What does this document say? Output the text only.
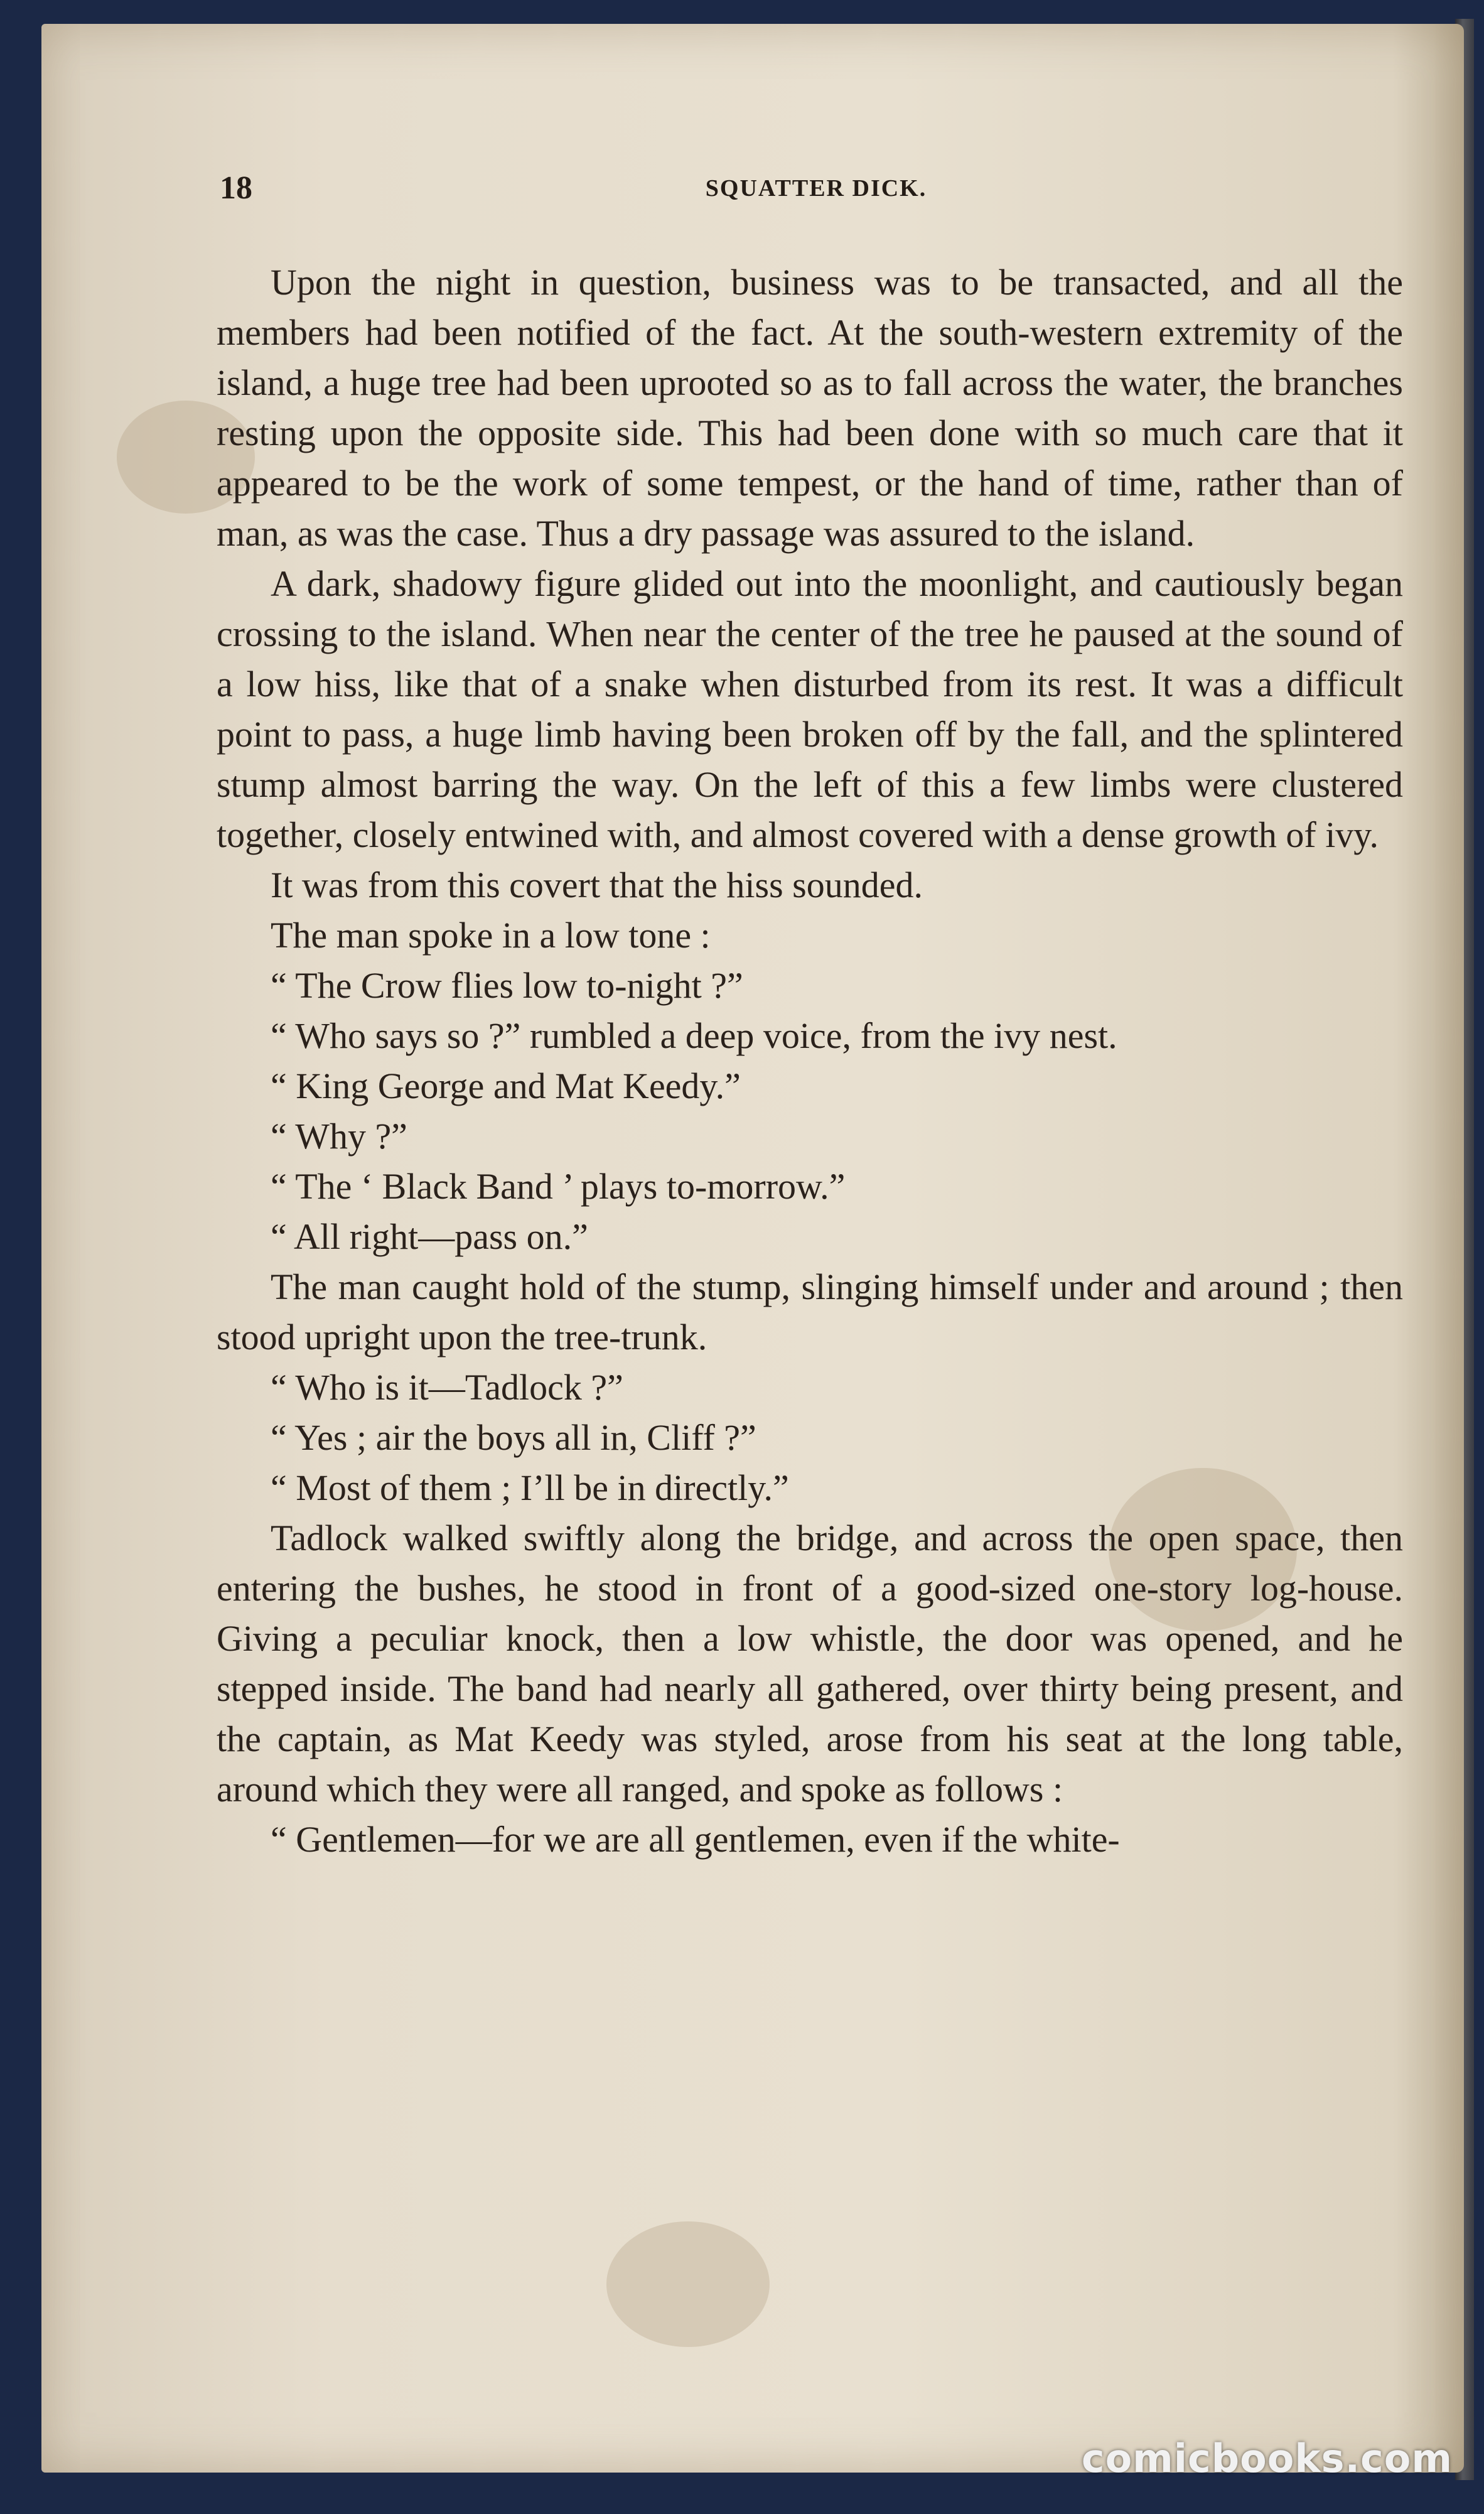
18	SQUATTER DICK.

Upon the night in question, business was to be transacted, and all the members had been notified of the fact. At the south-western extremity of the island, a huge tree had been uprooted so as to fall across the water, the branches resting upon the opposite side. This had been done with so much care that it appeared to be the work of some tempest, or the hand of time, rather than of man, as was the case. Thus a dry passage was assured to the island.

A dark, shadowy figure glided out into the moonlight, and cautiously began crossing to the island. When near the center of the tree he paused at the sound of a low hiss, like that of a snake when disturbed from its rest. It was a difficult point to pass, a huge limb having been broken off by the fall, and the splintered stump almost barring the way. On the left of this a few limbs were clustered together, closely entwined with, and almost covered with a dense growth of ivy.

It was from this covert that the hiss sounded.

The man spoke in a low tone :

“ The Crow flies low to-night ?”

“ Who says so ?” rumbled a deep voice, from the ivy nest.

“ King George and Mat Keedy.”

“ Why ?”

“ The ‘ Black Band ’ plays to-morrow.”

“ All right—pass on.”

The man caught hold of the stump, slinging himself under and around ; then stood upright upon the tree-trunk.

“ Who is it—Tadlock ?”

“ Yes ; air the boys all in, Cliff ?”

“ Most of them ; I’ll be in directly.”

Tadlock walked swiftly along the bridge, and across the open space, then entering the bushes, he stood in front of a good-sized one-story log-house. Giving a peculiar knock, then a low whistle, the door was opened, and he stepped inside. The band had nearly all gathered, over thirty being present, and the captain, as Mat Keedy was styled, arose from his seat at the long table, around which they were all ranged, and spoke as follows :

“ Gentlemen—for we are all gentlemen, even if the white-

comicbooks.com
